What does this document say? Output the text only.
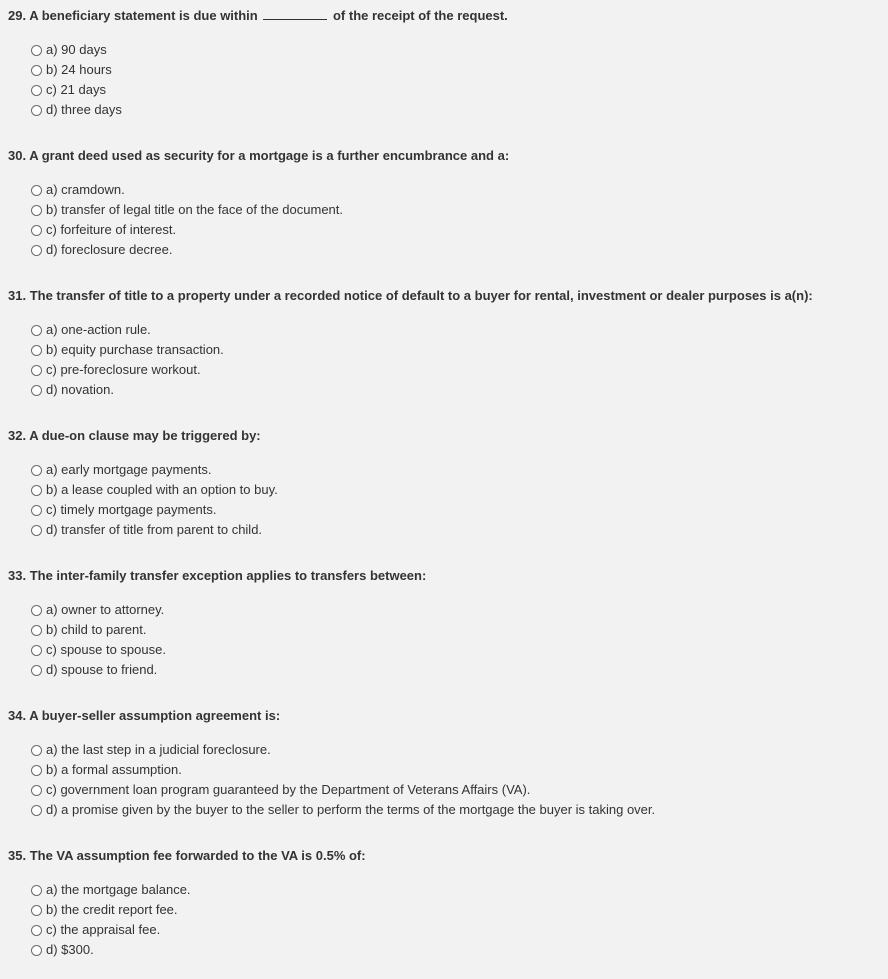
29. A beneficiary statement is due within	of the receipt of the request.
a) 90 days
b) 24 hours
c) 21 days
d) three days
30. A grant deed used as security for a mortgage is a further encumbrance and a:
a) cramdown.
b) transfer of legal title on the face of the document.
c) forfeiture of interest.
d) foreclosure decree.
31. The transfer of title to a property under a recorded notice of default to a buyer for rental, investment or dealer purposes is a(n):
a) one-action rule.
b) equity purchase transaction.
c) pre-foreclosure workout.
d) novation.
32. A due-on clause may be triggered by:
a) early mortgage payments.
b) a lease coupled with an option to buy.
c) timely mortgage payments.
d) transfer of title from parent to child.
33. The inter-family transfer exception applies to transfers between:
a) owner to attorney.
b) child to parent.
c) spouse to spouse.
d) spouse to friend.
34. A buyer-seller assumption agreement is:
a) the last step in a judicial foreclosure.
b) a formal assumption.
c) government loan program guaranteed by the Department of Veterans Affairs (VA).
d) a promise given by the buyer to the seller to perform the terms of the mortgage the buyer is taking over.
35. The VA assumption fee forwarded to the VA is 0.5% of:
a) the mortgage balance.
b) the credit report fee.
c) the appraisal fee.
d) $300.
